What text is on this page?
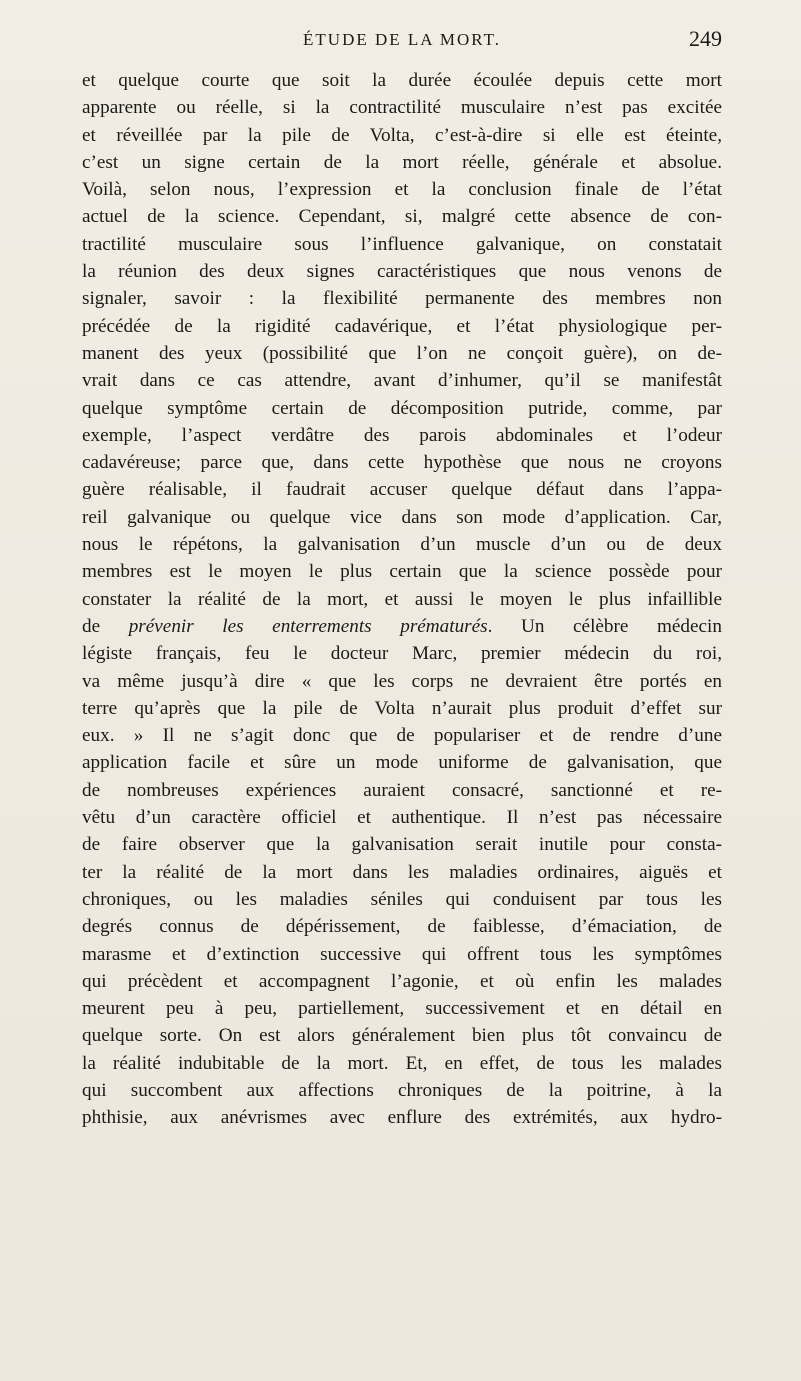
ÉTUDE DE LA MORT.	249
et quelque courte que soit la durée écoulée depuis cette mort
apparente ou réelle, si la contractilité musculaire n’est pas excitée
et réveillée par la pile de Volta, c’est-à-dire si elle est éteinte,
c’est un signe certain de la mort réelle, générale et absolue.
Voilà, selon nous, l’expression et la conclusion finale de l’état
actuel de la science. Cependant, si, malgré cette absence de con-
tractilité musculaire sous l’influence galvanique, on constatait
la réunion des deux signes caractéristiques que nous venons de
signaler, savoir : la flexibilité permanente des membres non
précédée de la rigidité cadavérique, et l’état physiologique per-
manent des yeux (possibilité que l’on ne conçoit guère), on de-
vrait dans ce cas attendre, avant d’inhumer, qu’il se manifestât
quelque symptôme certain de décomposition putride, comme, par
exemple, l’aspect verdâtre des parois abdominales et l’odeur
cadavéreuse; parce que, dans cette hypothèse que nous ne croyons
guère réalisable, il faudrait accuser quelque défaut dans l’appa-
reil galvanique ou quelque vice dans son mode d’application. Car,
nous le répétons, la galvanisation d’un muscle d’un ou de deux
membres est le moyen le plus certain que la science possède pour
constater la réalité de la mort, et aussi le moyen le plus infaillible
de prévenir les enterrements prématurés. Un célèbre médecin
légiste français, feu le docteur Marc, premier médecin du roi,
va même jusqu’à dire « que les corps ne devraient être portés en
terre qu’après que la pile de Volta n’aurait plus produit d’effet sur
eux. » Il ne s’agit donc que de populariser et de rendre d’une
application facile et sûre un mode uniforme de galvanisation, que
de nombreuses expériences auraient consacré, sanctionné et re-
vêtu d’un caractère officiel et authentique. Il n’est pas nécessaire
de faire observer que la galvanisation serait inutile pour consta-
ter la réalité de la mort dans les maladies ordinaires, aiguës et
chroniques, ou les maladies séniles qui conduisent par tous les
degrés connus de dépérissement, de faiblesse, d’émaciation, de
marasme et d’extinction successive qui offrent tous les symptômes
qui précèdent et accompagnent l’agonie, et où enfin les malades
meurent peu à peu, partiellement, successivement et en détail en
quelque sorte. On est alors généralement bien plus tôt convaincu de
la réalité indubitable de la mort. Et, en effet, de tous les malades
qui succombent aux affections chroniques de la poitrine, à la
phthisie, aux anévrismes avec enflure des extrémités, aux hydro-
